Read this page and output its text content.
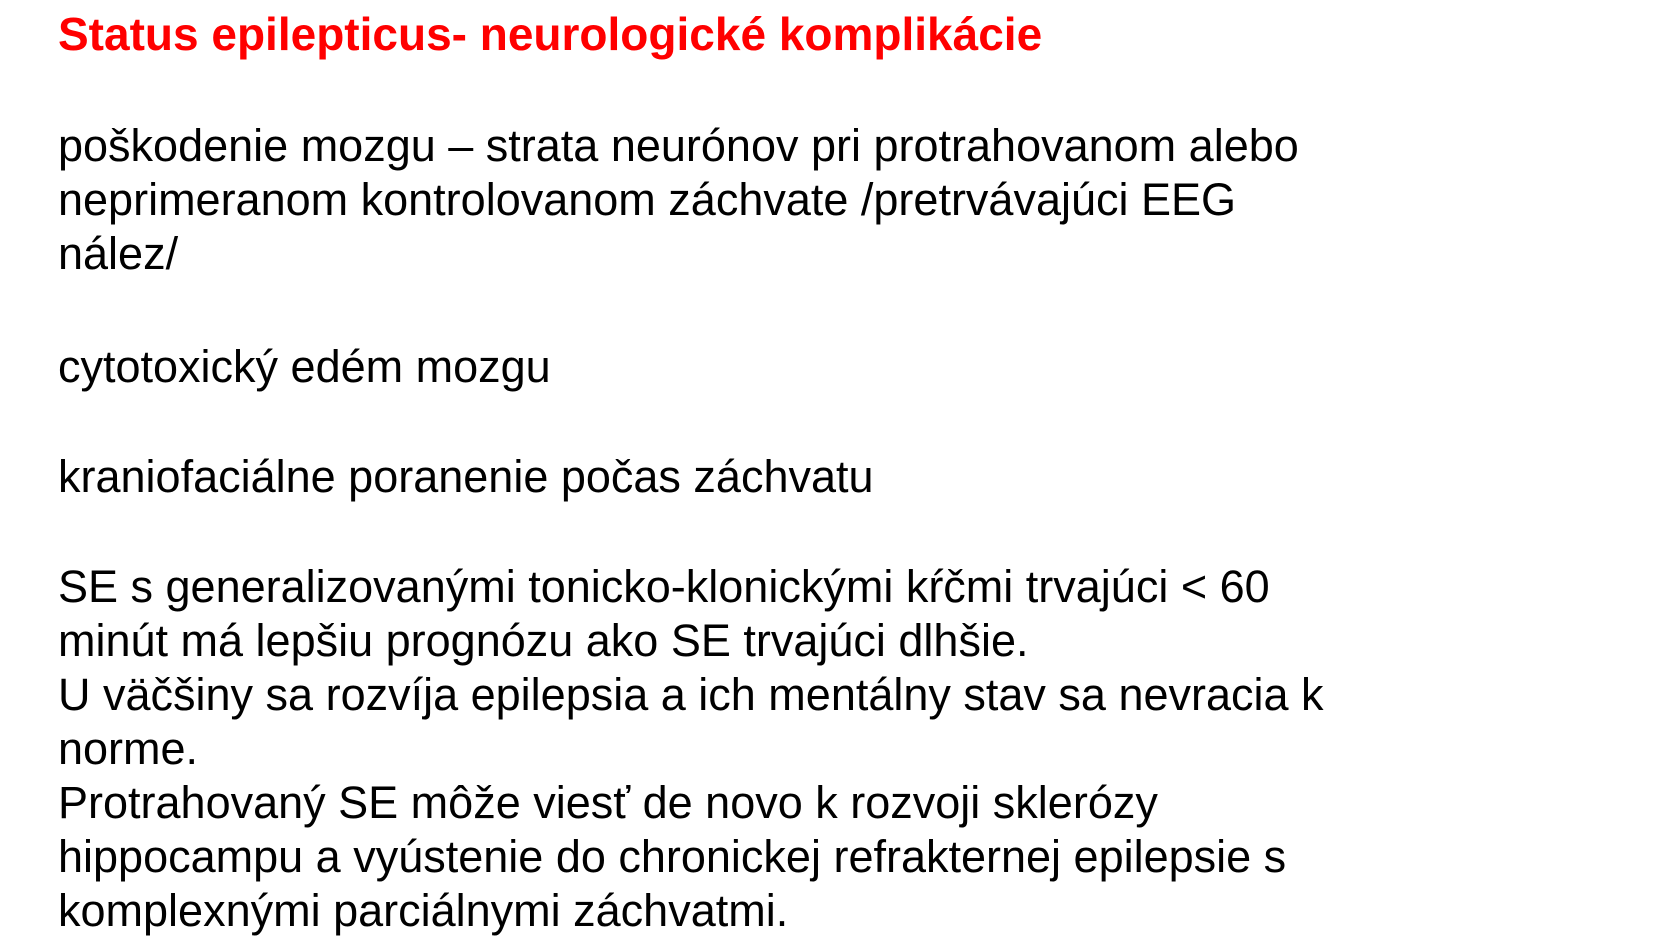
Status epilepticus- neurologické komplikácie

poškodenie mozgu – strata neurónov pri protrahovanom alebo

neprimeranom kontrolovanom záchvate /pretrvávajúci EEG

nález/

cytotoxický edém mozgu

kraniofaciálne poranenie počas záchvatu

SE s generalizovanými tonicko-klonickými kŕčmi trvajúci < 60

minút má lepšiu prognózu ako SE trvajúci dlhšie.

U väčšiny sa rozvíja epilepsia a ich mentálny stav sa nevracia k

norme.

Protrahovaný SE môže viesť de novo k rozvoji sklerózy

hippocampu a vyústenie do chronickej refrakternej epilepsie s

komplexnými parciálnymi záchvatmi.
